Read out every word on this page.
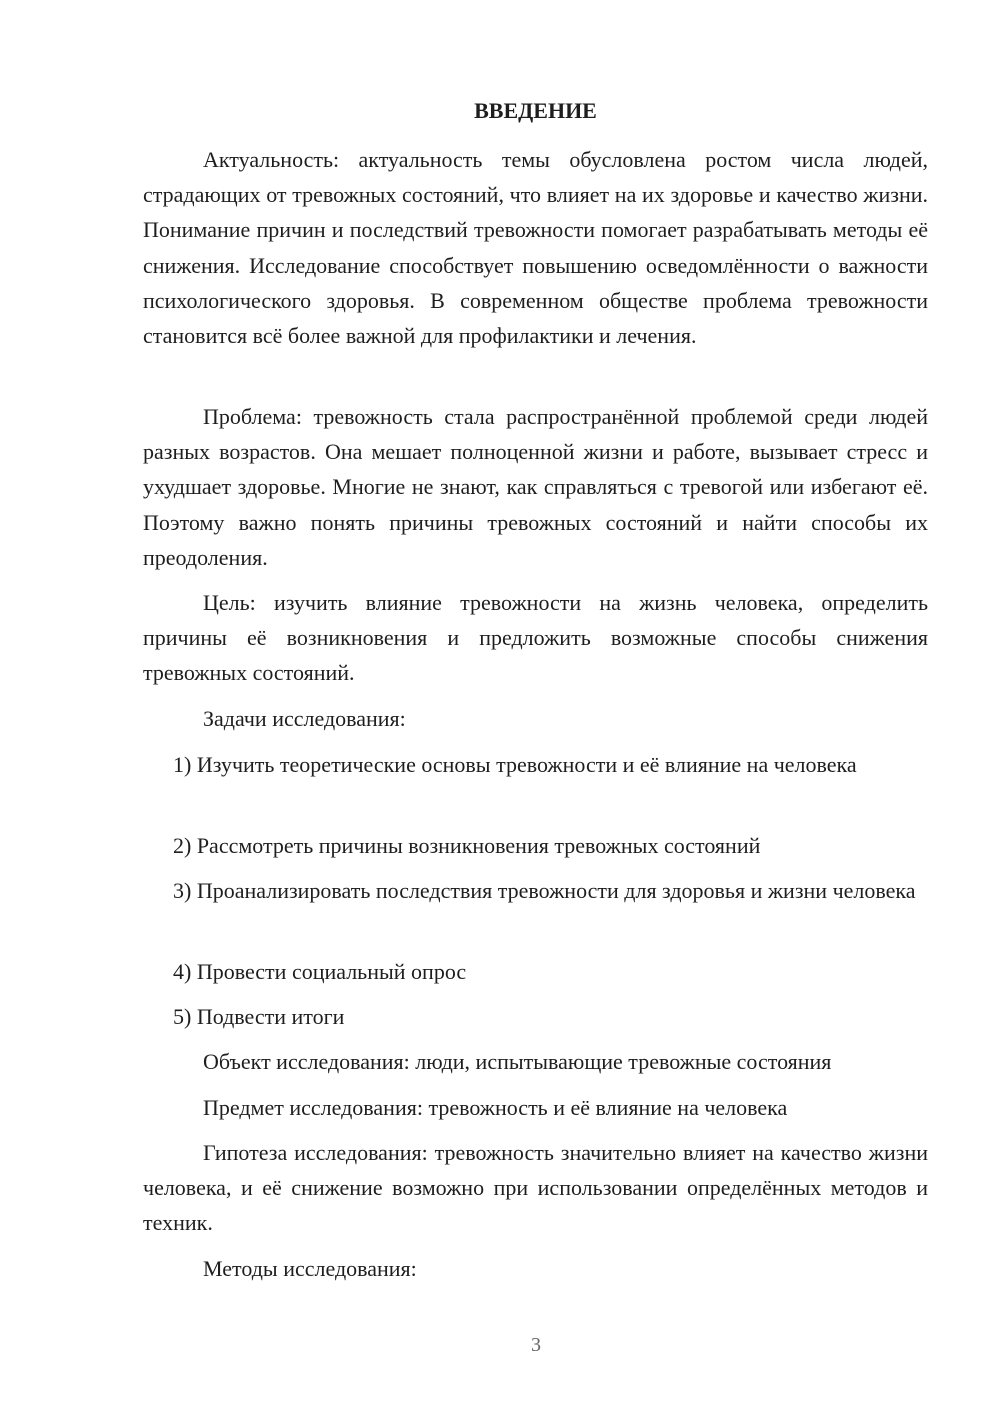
ВВЕДЕНИЕ

Актуальность: актуальность темы обусловлена ростом числа людей, страдающих от тревожных состояний, что влияет на их здоровье и качество жизни. Понимание причин и последствий тревожности помогает разрабатывать методы её снижения. Исследование способствует повышению осведомлённости о важности психологического здоровья. В современном обществе проблема тревожности становится всё более важной для профилактики и лечения.

Проблема: тревожность стала распространённой проблемой среди людей разных возрастов. Она мешает полноценной жизни и работе, вызывает стресс и ухудшает здоровье. Многие не знают, как справляться с тревогой или избегают её. Поэтому важно понять причины тревожных состояний и найти способы их преодоления.

Цель: изучить влияние тревожности на жизнь человека, определить причины её возникновения и предложить возможные способы снижения тревожных состояний.

Задачи исследования:

1) Изучить теоретические основы тревожности и её влияние на человека

2) Рассмотреть причины возникновения тревожных состояний

3) Проанализировать последствия тревожности для здоровья и жизни человека

4) Провести социальный опрос

5) Подвести итоги

Объект исследования: люди, испытывающие тревожные состояния

Предмет исследования: тревожность и её влияние на человека

Гипотеза исследования: тревожность значительно влияет на качество жизни человека, и её снижение возможно при использовании определённых методов и техник.

Методы исследования:

3
